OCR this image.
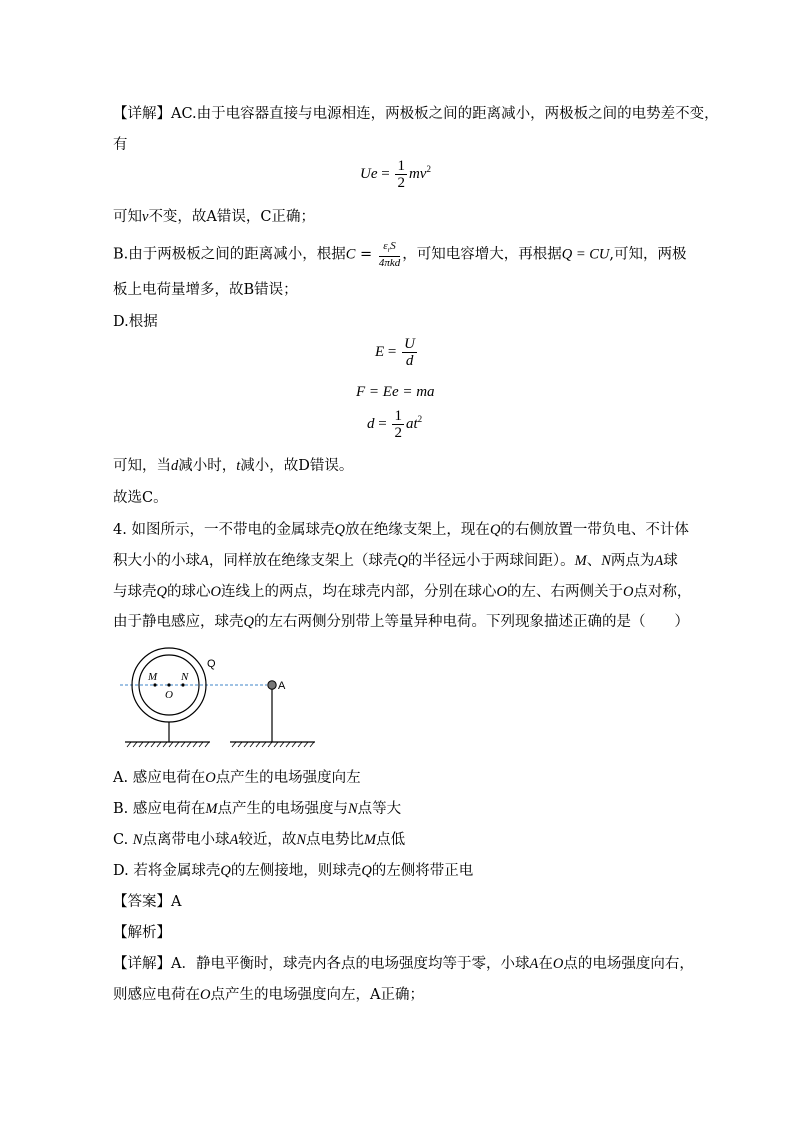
【详解】AC.由于电容器直接与电源相连，两极板之间的距离减小，两极板之间的电势差不变，
有
$Ue = \frac{1}{2} mv^2$
可知v不变，故A错误，C正确；
B.由于两极板之间的距离减小，根据$C = \frac{\varepsilon_rS}{\text{4πkd}}$ ，可知电容增大，再根据Q = CU,可知，两极
板上电荷量增多，故B错误；
D.根据
$E = \frac{U}{d}$
F = Ee = ma
$d = \frac{1}{2} at^2$
可知，当d减小时，t减小，故D错误。
故选C。
4. 如图所示，一不带电的金属球壳Q放在绝缘支架上，现在Q的右侧放置一带负电、不计体
积大小的小球A，同样放在绝缘支架上（球壳Q的半径远小于两球间距）。M、N两点为A球
与球壳Q的球心O连线上的两点，均在球壳内部，分别在球心O的左、右两侧关于O点对称，
由于静电感应，球壳Q的左右两侧分别带上等量异种电荷。下列现象描述正确的是（　　）
M
O
N
Q
A
A. 感应电荷在O点产生的电场强度向左
B. 感应电荷在M点产生的电场强度与N点等大
C. N点离带电小球A较近，故N点电势比M点低
D. 若将金属球壳Q的左侧接地，则球壳Q的左侧将带正电
【答案】A
【解析】
【详解】A．静电平衡时，球壳内各点的电场强度均等于零，小球A在O点的电场强度向右，
则感应电荷在O点产生的电场强度向左，A正确；
